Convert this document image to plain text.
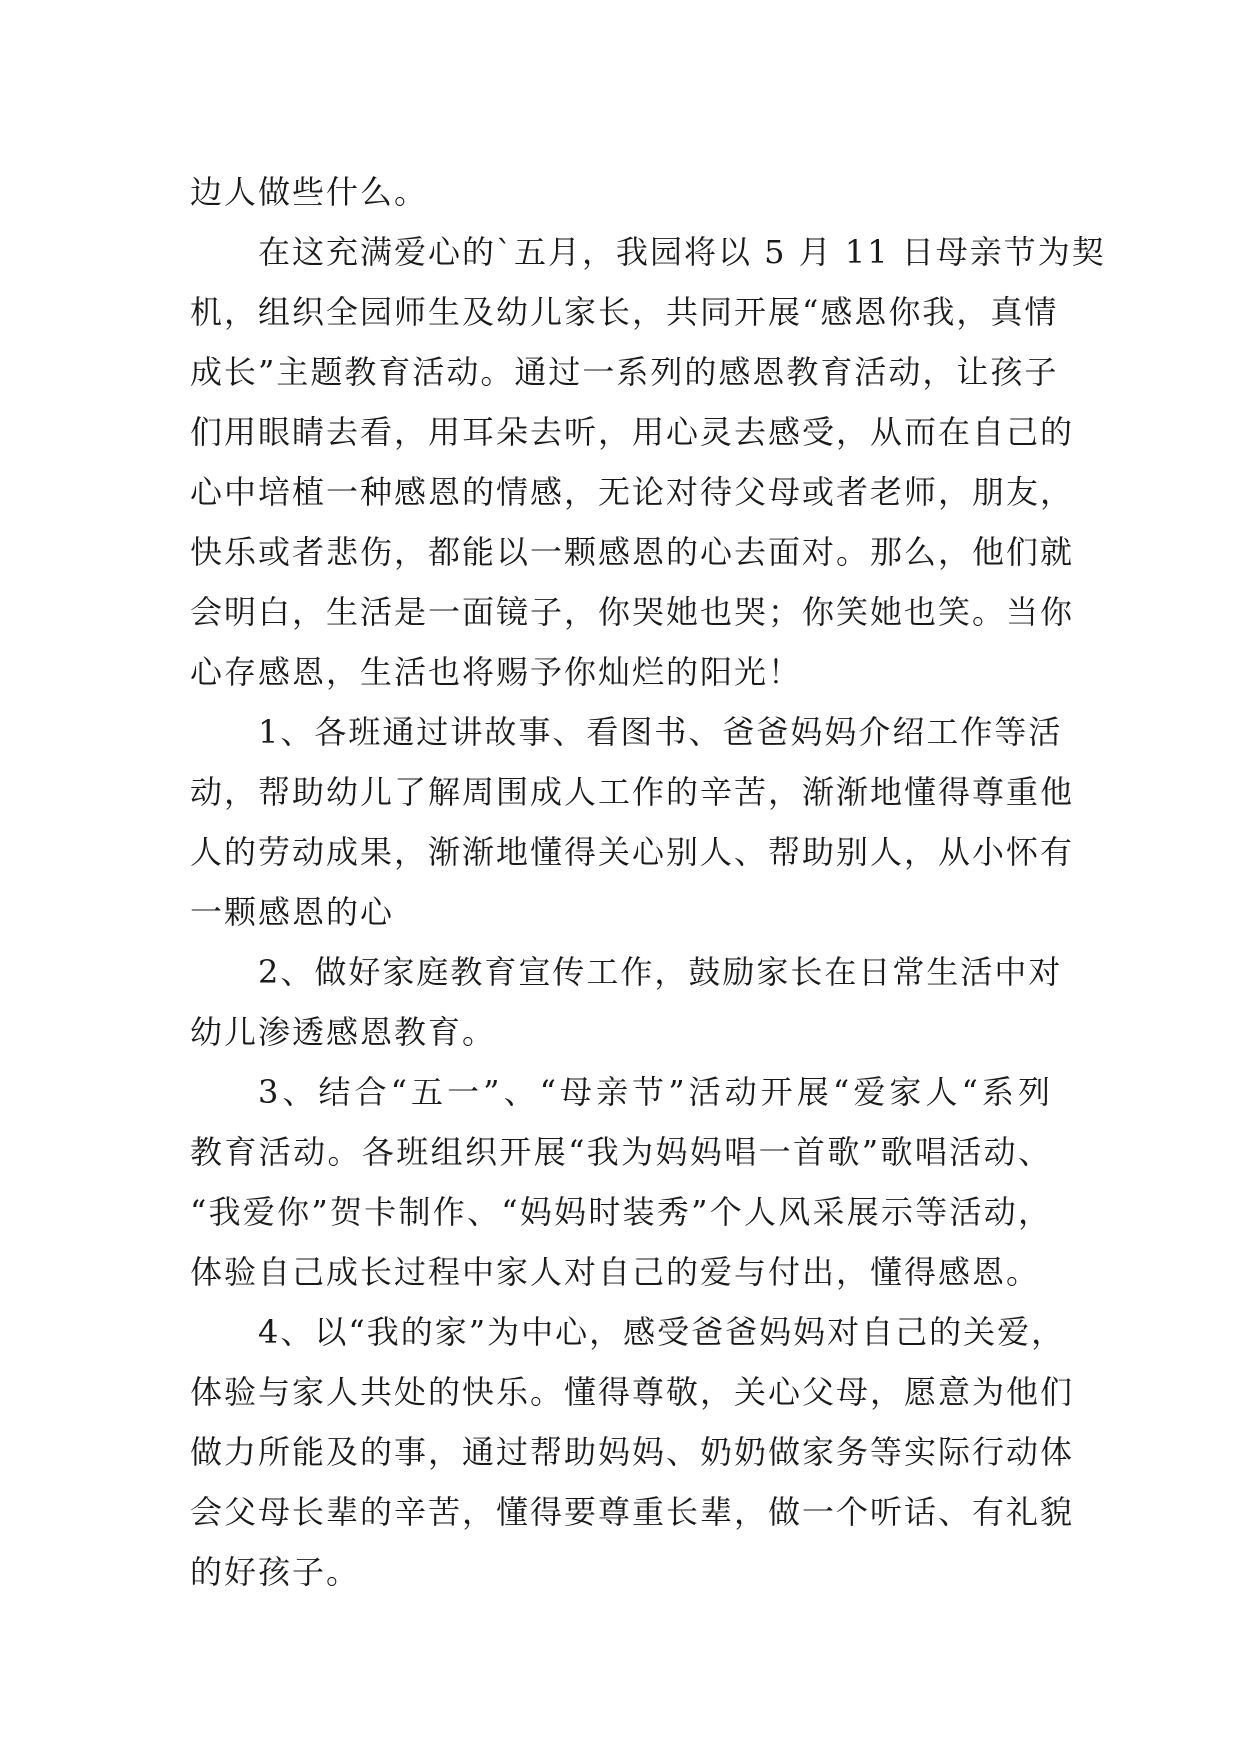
边人做些什么。
在这充满爱心的`五月，我园将以 5 月 11 日母亲节为契
机，组织全园师生及幼儿家长，共同开展“感恩你我，真情
成长”主题教育活动。通过一系列的感恩教育活动，让孩子
们用眼睛去看，用耳朵去听，用心灵去感受，从而在自己的
心中培植一种感恩的情感，无论对待父母或者老师，朋友，
快乐或者悲伤，都能以一颗感恩的心去面对。那么，他们就
会明白，生活是一面镜子，你哭她也哭；你笑她也笑。当你
心存感恩，生活也将赐予你灿烂的阳光！
1、各班通过讲故事、看图书、爸爸妈妈介绍工作等活
动，帮助幼儿了解周围成人工作的辛苦，渐渐地懂得尊重他
人的劳动成果，渐渐地懂得关心别人、帮助别人，从小怀有
一颗感恩的心
2、做好家庭教育宣传工作，鼓励家长在日常生活中对
幼儿渗透感恩教育。
3、结合“五一”、“母亲节”活动开展“爱家人“系列
教育活动。各班组织开展“我为妈妈唱一首歌”歌唱活动、
“我爱你”贺卡制作、“妈妈时装秀”个人风采展示等活动，
体验自己成长过程中家人对自己的爱与付出，懂得感恩。
4、以“我的家”为中心，感受爸爸妈妈对自己的关爱，
体验与家人共处的快乐。懂得尊敬，关心父母，愿意为他们
做力所能及的事，通过帮助妈妈、奶奶做家务等实际行动体
会父母长辈的辛苦，懂得要尊重长辈，做一个听话、有礼貌
的好孩子。
